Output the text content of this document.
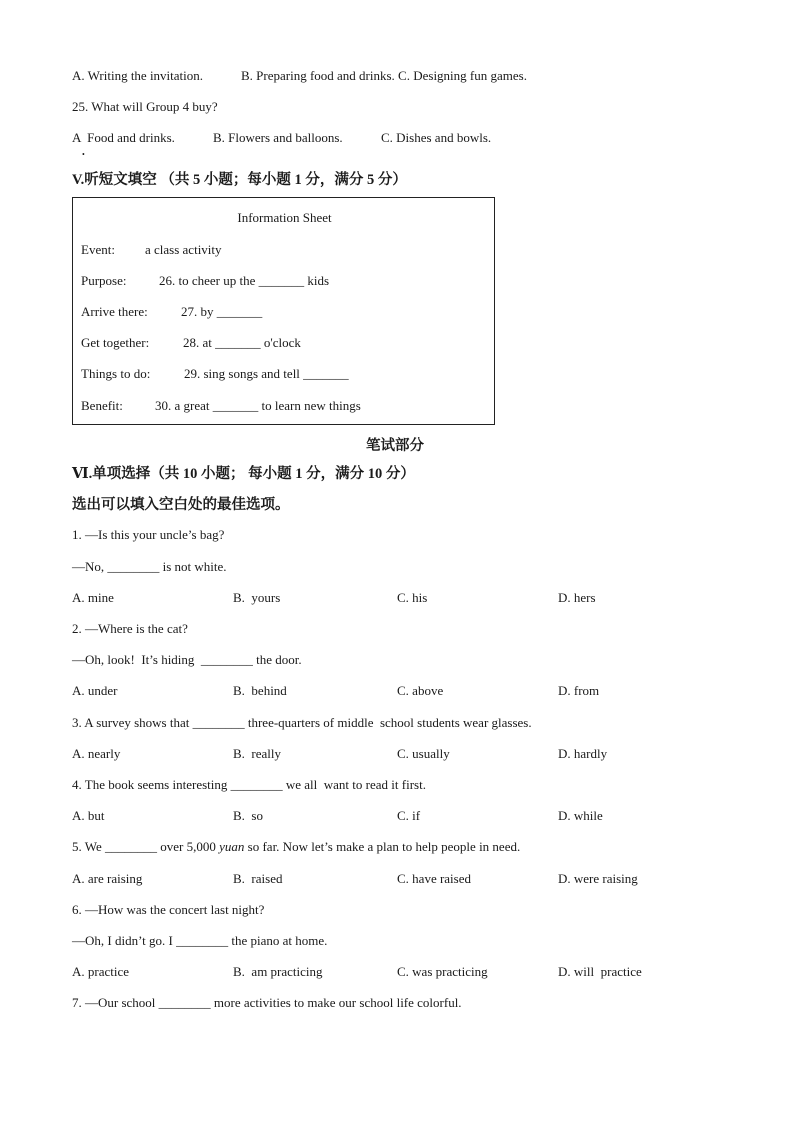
A. Writing the invitation.	B. Preparing food and drinks. C. Designing fun games.
25. What will Group 4 buy?
A  Food and drinks.	B. Flowers and balloons.	C. Dishes and bowls.
•
V.听短文填空 （共 5 小题；每小题 1 分，满分 5 分）
Information Sheet
Event: a class activity
Purpose:	26. to cheer up the _______ kids
Arrive there:	27. by _______
Get together:	28. at _______ o'clock
Things to do:	29. sing songs and tell _______
Benefit: 30. a great _______ to learn new things
笔试部分
Ⅵ.单项选择（共 10 小题； 每小题 1 分，满分 10 分）
选出可以填入空白处的最佳选项。
1. —Is this your uncle’s bag?
—No, ________ is not white.
A. mine	B.  yours	C. his	D. hers
2. —Where is the cat?
—Oh, look!  It’s hiding  ________ the door.
A. under	B.  behind	C. above	D. from
3. A survey shows that ________ three-quarters of middle  school students wear glasses.
A. nearly	B.  really	C. usually	D. hardly
4. The book seems interesting ________ we all  want to read it first.
A. but	B.  so	C. if	D. while
5. We ________ over 5,000 yuan so far. Now let’s make a plan to help people in need.
A. are raising	B.  raised	C. have raised	D. were raising
6. —How was the concert last night?
—Oh, I didn’t go. I ________ the piano at home.
A. practice	B.  am practicing	C. was practicing	D. will  practice
7. —Our school ________ more activities to make our school life colorful.
